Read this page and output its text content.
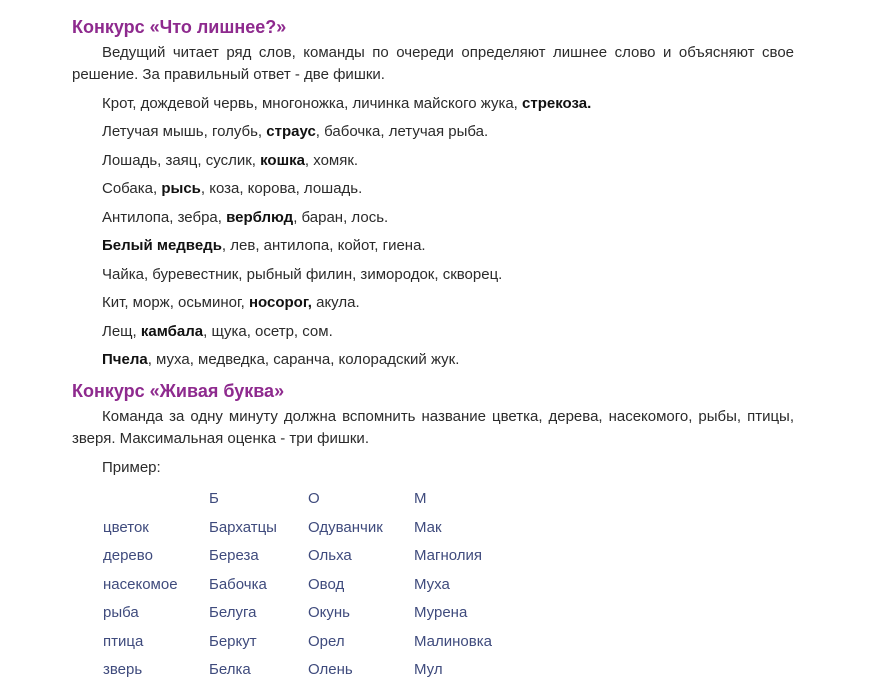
Конкурс «Что лишнее?»

Ведущий читает ряд слов, команды по очереди определяют лишнее слово и объясняют свое решение. За правильный ответ - две фишки.

Крот, дождевой червь, многоножка, личинка майского жука, стрекоза.
Летучая мышь, голубь, страус, бабочка, летучая рыба.
Лошадь, заяц, суслик, кошка, хомяк.
Собака, рысь, коза, корова, лошадь.
Антилопа, зебра, верблюд, баран, лось.
Белый медведь, лев, антилопа, койот, гиена.
Чайка, буревестник, рыбный филин, зимородок, скворец.
Кит, морж, осьминог, носорог, акула.
Лещ, камбала, щука, осетр, сом.
Пчела, муха, медведка, саранча, колорадский жук.
Конкурс «Живая буква»

Команда за одну минуту должна вспомнить название цветка, дерева, насекомого, рыбы, птицы, зверя. Максимальная оценка - три фишки.

Пример:
	Б	О	М
цветок	Бархатцы	Одуванчик	Мак
дерево	Береза	Ольха	Магнолия
насекомое	Бабочка	Овод	Муха
рыба	Белуга	Окунь	Мурена
птица	Беркут	Орел	Малиновка
зверь	Белка	Олень	Мул
